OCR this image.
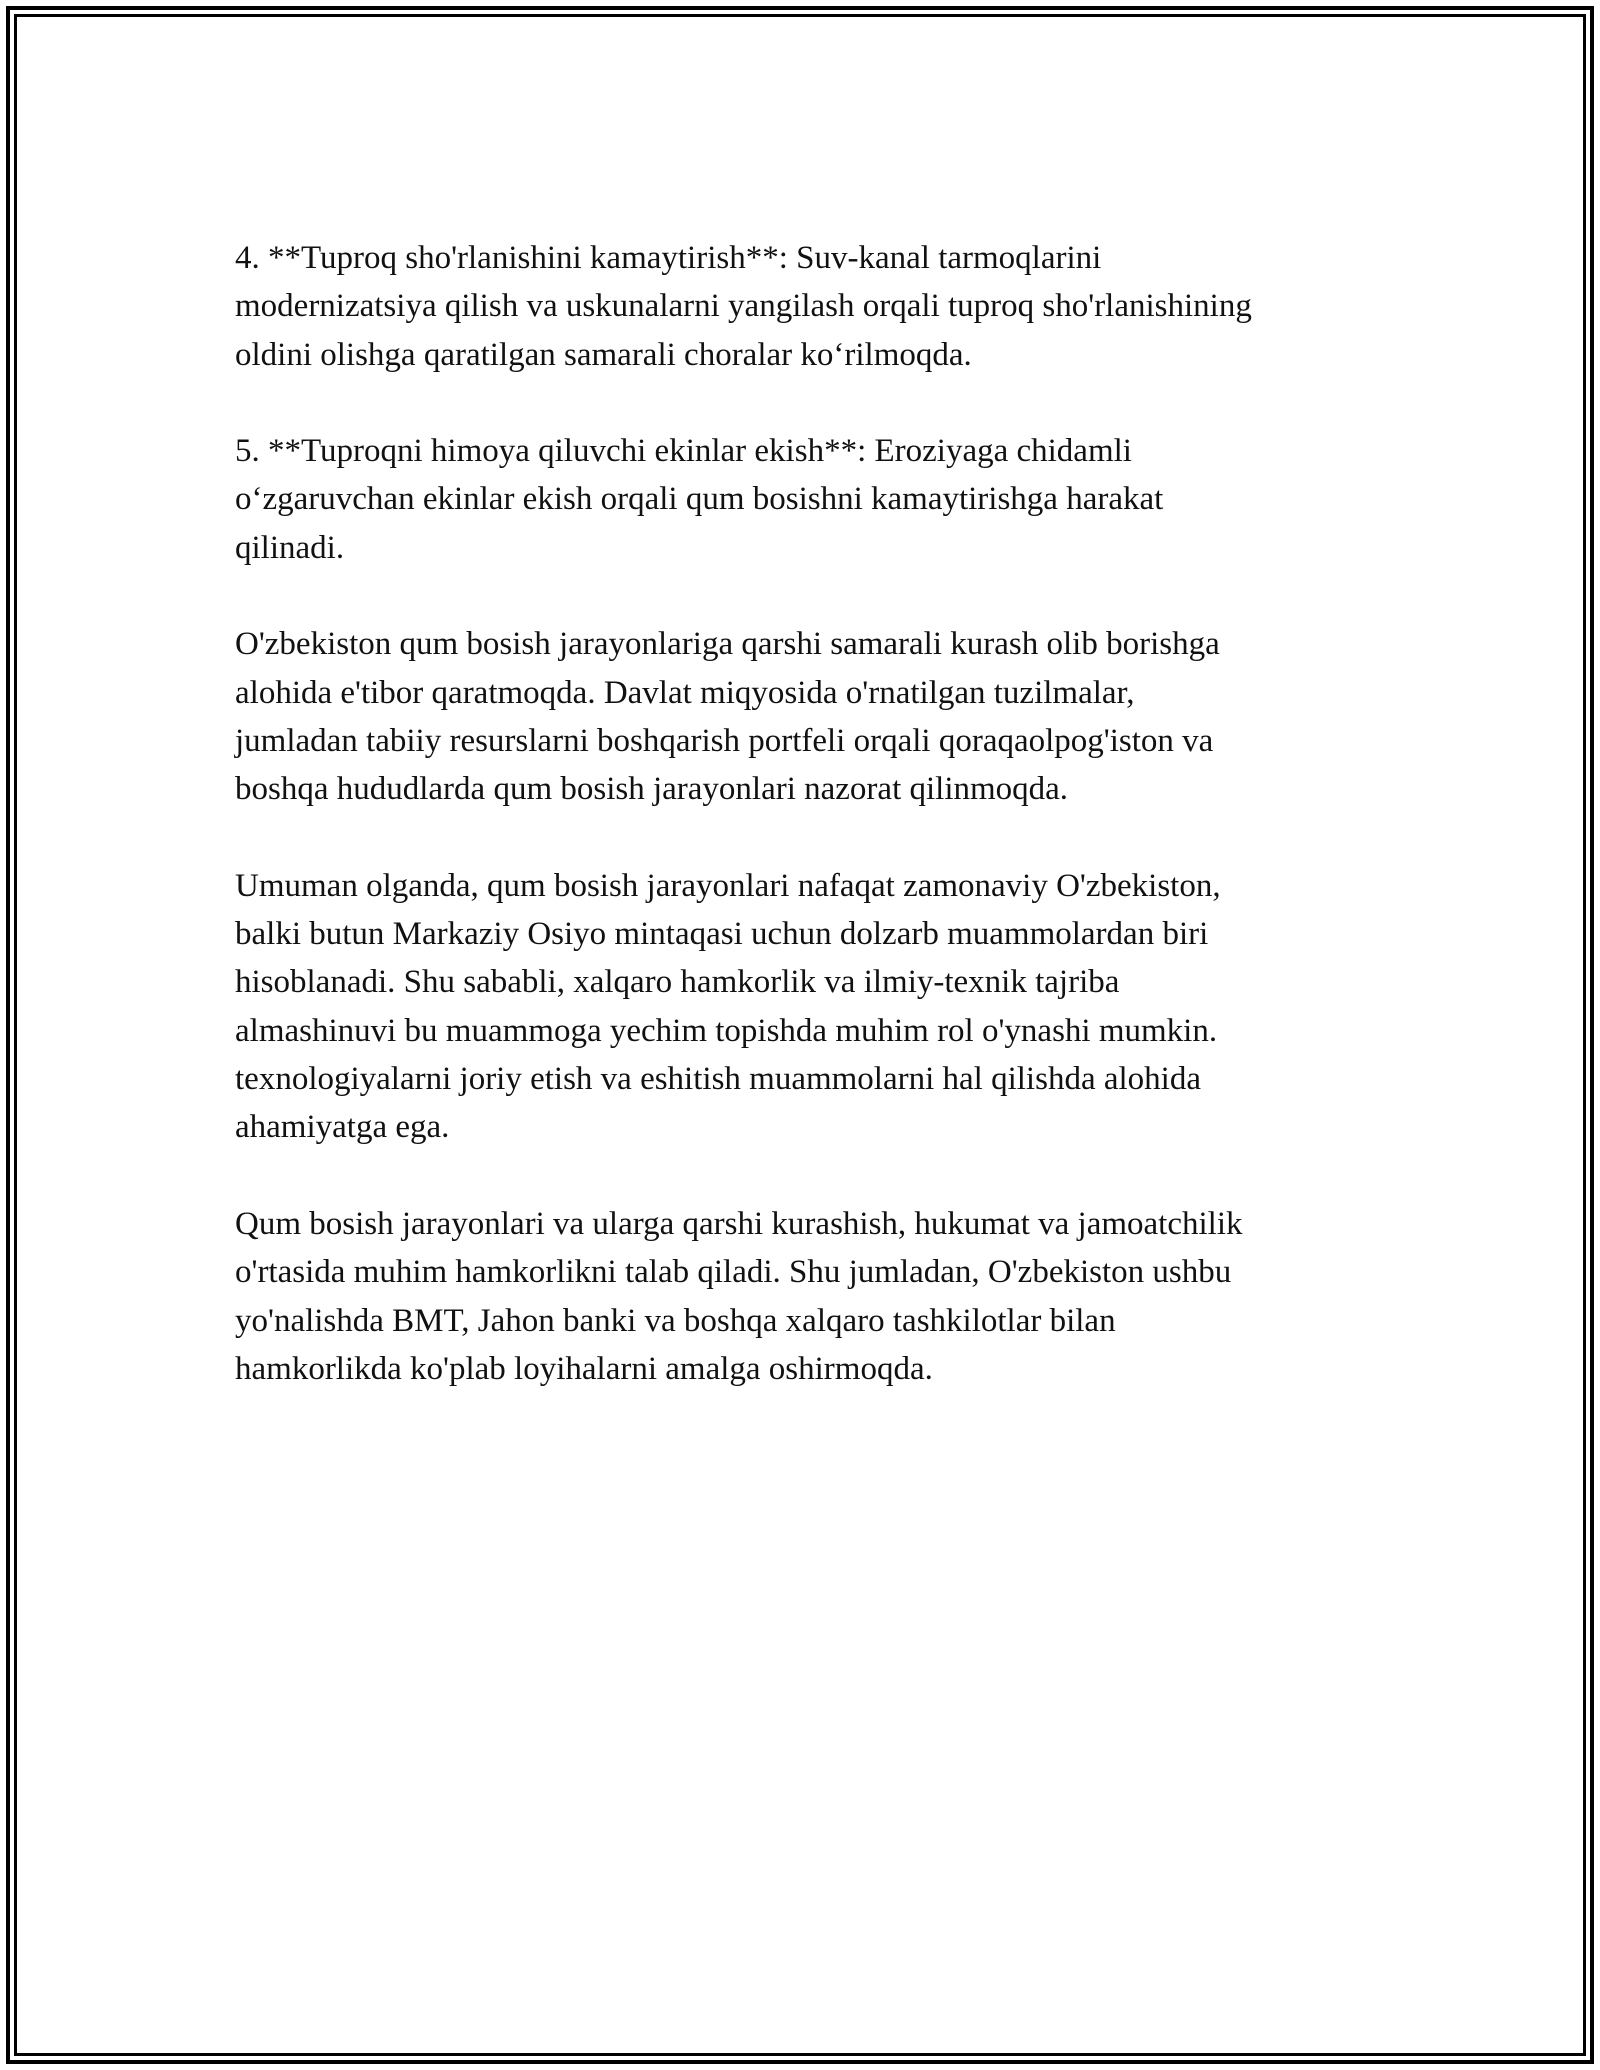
4. **Tuproq sho'rlanishini kamaytirish**: Suv-kanal tarmoqlarini
modernizatsiya qilish va uskunalarni yangilash orqali tuproq sho'rlanishining
oldini olishga qaratilgan samarali choralar ko‘rilmoqda.

5. **Tuproqni himoya qiluvchi ekinlar ekish**: Eroziyaga chidamli
o‘zgaruvchan ekinlar ekish orqali qum bosishni kamaytirishga harakat
qilinadi.

O'zbekiston qum bosish jarayonlariga qarshi samarali kurash olib borishga
alohida e'tibor qaratmoqda. Davlat miqyosida o'rnatilgan tuzilmalar,
jumladan tabiiy resurslarni boshqarish portfeli orqali qoraqaolpog'iston va
boshqa hududlarda qum bosish jarayonlari nazorat qilinmoqda.

Umuman olganda, qum bosish jarayonlari nafaqat zamonaviy O'zbekiston,
balki butun Markaziy Osiyo mintaqasi uchun dolzarb muammolardan biri
hisoblanadi. Shu sababli, xalqaro hamkorlik va ilmiy-texnik tajriba
almashinuvi bu muammoga yechim topishda muhim rol o'ynashi mumkin.
texnologiyalarni joriy etish va eshitish muammolarni hal qilishda alohida
ahamiyatga ega.

Qum bosish jarayonlari va ularga qarshi kurashish, hukumat va jamoatchilik
o'rtasida muhim hamkorlikni talab qiladi. Shu jumladan, O'zbekiston ushbu
yo'nalishda BMT, Jahon banki va boshqa xalqaro tashkilotlar bilan
hamkorlikda ko'plab loyihalarni amalga oshirmoqda.
